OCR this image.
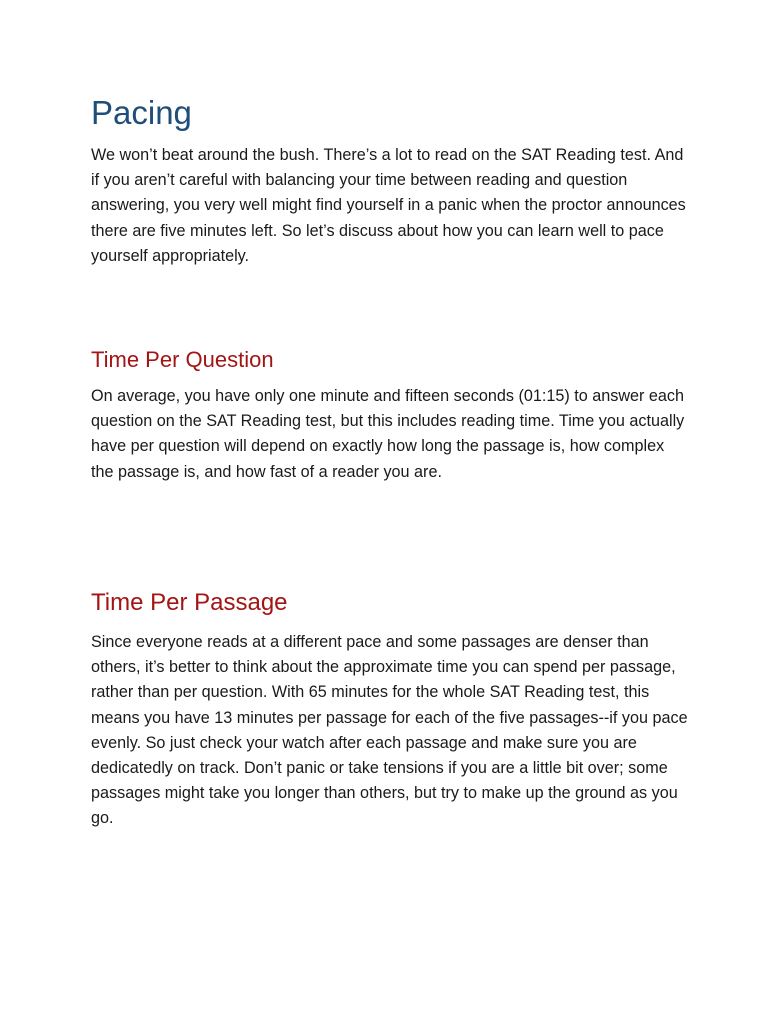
Pacing

We won’t beat around the bush. There’s a lot to read on the SAT Reading test. And if you aren’t careful with balancing your time between reading and question answering, you very well might find yourself in a panic when the proctor announces there are five minutes left. So let’s discuss about how you can learn well to pace yourself appropriately.

Time Per Question

On average, you have only one minute and fifteen seconds (01:15) to answer each question on the SAT Reading test, but this includes reading time. Time you actually have per question will depend on exactly how long the passage is, how complex the passage is, and how fast of a reader you are.

Time Per Passage

Since everyone reads at a different pace and some passages are denser than others, it’s better to think about the approximate time you can spend per passage, rather than per question. With 65 minutes for the whole SAT Reading test, this means you have 13 minutes per passage for each of the five passages--if you pace evenly. So just check your watch after each passage and make sure you are dedicatedly on track. Don’t panic or take tensions if you are a little bit over; some passages might take you longer than others, but try to make up the ground as you go.
